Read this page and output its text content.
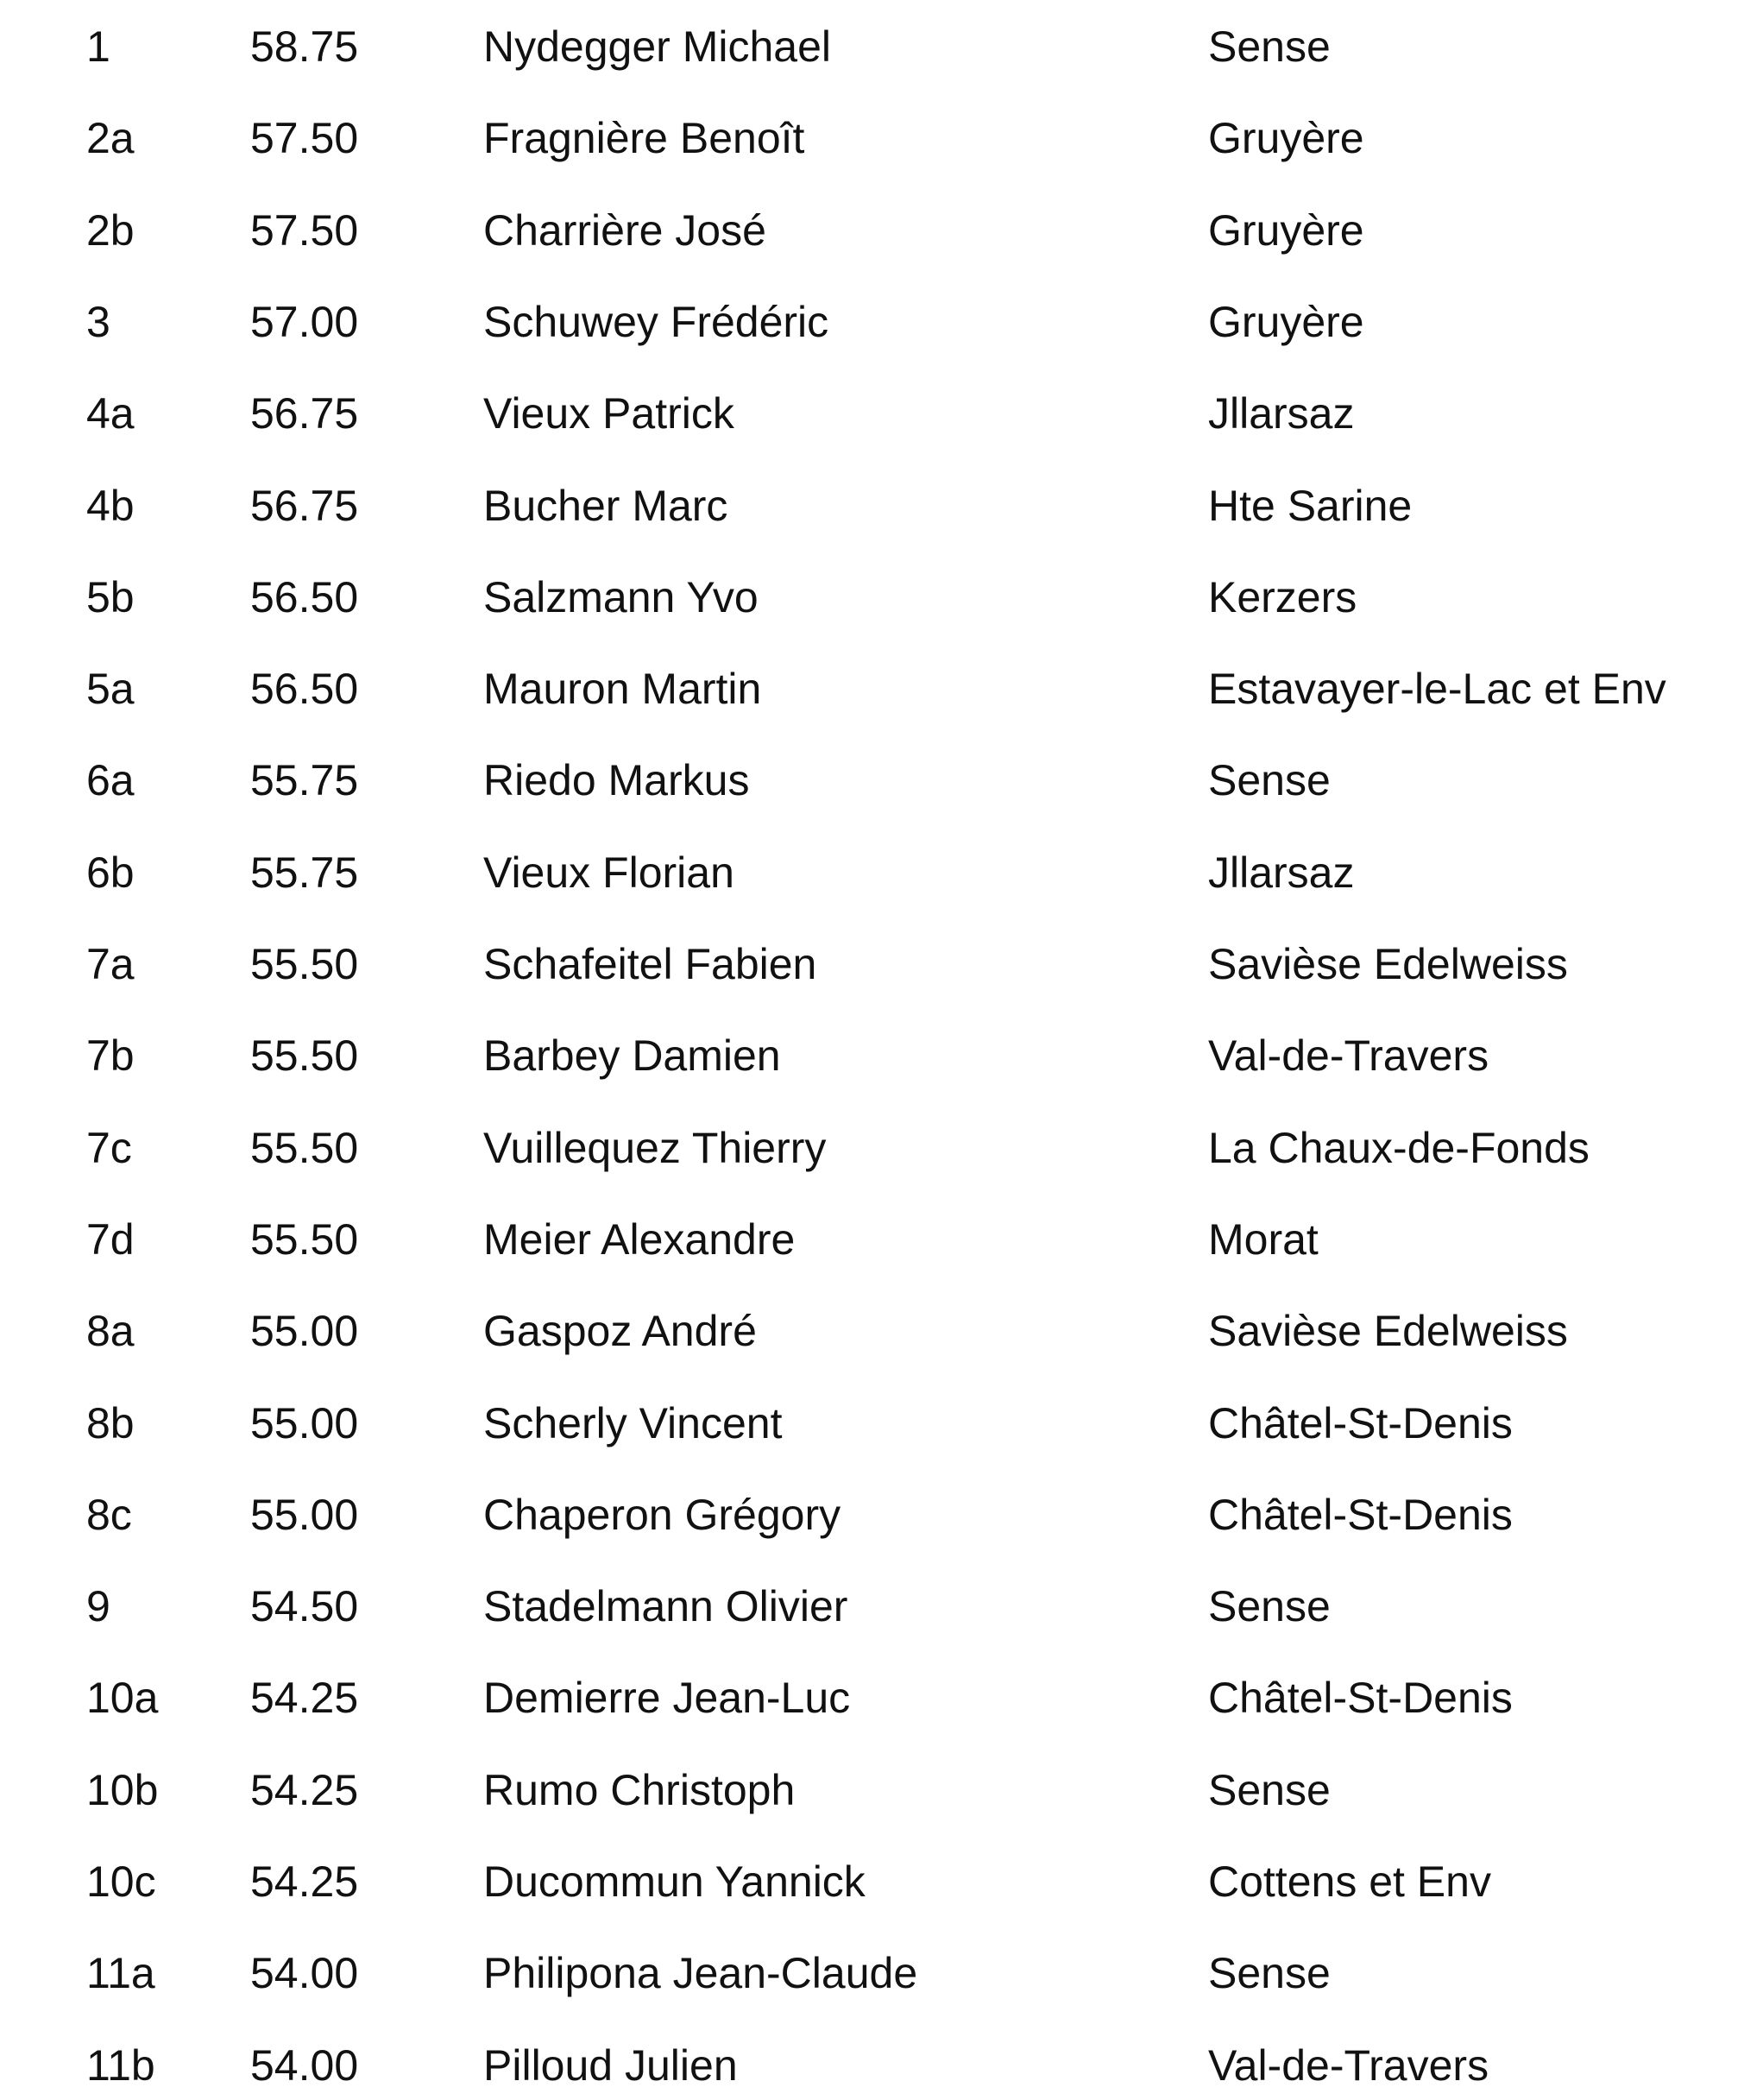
1	58.75	Nydegger Michael	Sense
2a	57.50	Fragnière Benoît	Gruyère
2b	57.50	Charrière José	Gruyère
3	57.00	Schuwey Frédéric	Gruyère
4a	56.75	Vieux Patrick	Jllarsaz
4b	56.75	Bucher Marc	Hte Sarine
5b	56.50	Salzmann Yvo	Kerzers
5a	56.50	Mauron Martin	Estavayer-le-Lac et Env
6a	55.75	Riedo Markus	Sense
6b	55.75	Vieux Florian	Jllarsaz
7a	55.50	Schafeitel Fabien	Savièse Edelweiss
7b	55.50	Barbey Damien	Val-de-Travers
7c	55.50	Vuillequez Thierry	La Chaux-de-Fonds
7d	55.50	Meier Alexandre	Morat
8a	55.00	Gaspoz André	Savièse Edelweiss
8b	55.00	Scherly Vincent	Châtel-St-Denis
8c	55.00	Chaperon Grégory	Châtel-St-Denis
9	54.50	Stadelmann Olivier	Sense
10a 54.25	Demierre Jean-Luc	Châtel-St-Denis
10b 54.25	Rumo Christoph	Sense
10c 54.25	Ducommun Yannick	Cottens et Env
11a 54.00	Philipona Jean-Claude	Sense
11b 54.00	Pilloud Julien	Val-de-Travers
